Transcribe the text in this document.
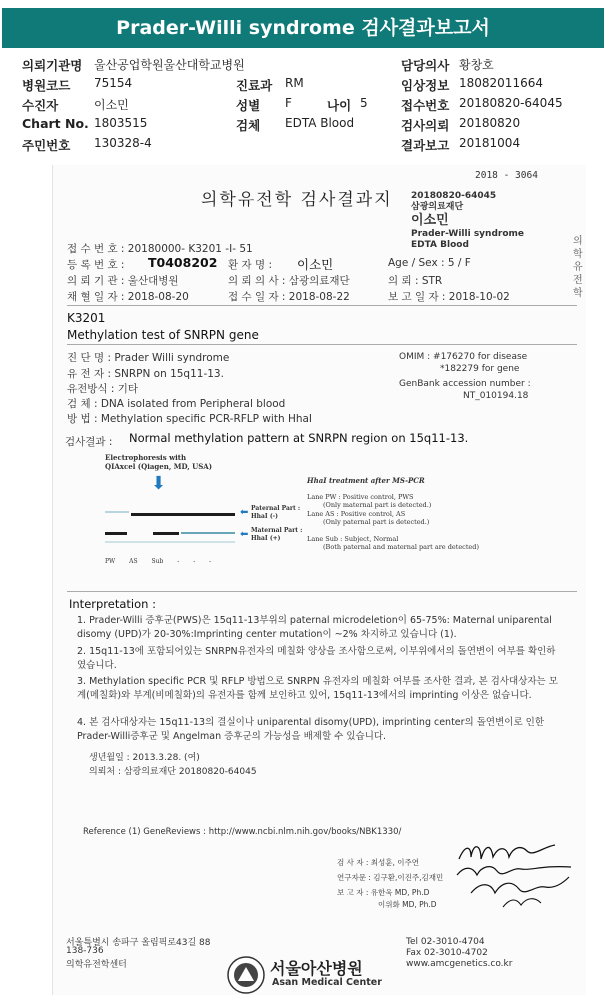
Prader-Willi syndrome 검사결과보고서
의뢰기관명 울산공업학원울산대학교병원
병원코드 75154
수진자	이소민
Chart No. 1803515
주민번호 130328-4
진료과 RM
성별 F	나이 5
검체 EDTA Blood
담당의사 황창호
임상정보 18082011664
접수번호 20180820-64045
검사의뢰 20180820
결과보고 20181004
2018 - 3064
의학유전학 검사결과지 20180820-64045
삼광의료재단
이소민
Prader-Willi syndrome
EDTA Blood	의학유전학
접 수 번 호 : 20180000- K3201 -I- 51
등 록 번 호 : T0408202 환 자 명 : 이소민	Age / Sex : 5 / F
의 뢰 기 관 : 울산대병원	의 뢰 의 사 : 삼광의료재단	의 뢰 : STR
채 혈 일 자 : 2018-08-20	접 수 일 자 : 2018-08-22	보 고 일 자 : 2018-10-02
K3201
Methylation test of SNRPN gene
진 단 명 : Prader Willi syndrome
유 전 자 : SNRPN on 15q11-13.
유전방식 : 기타
검 체 : DNA isolated from Peripheral blood
방 법 : Methylation specific PCR-RFLP with HhaI
OMIM : #176270 for disease
*182279 for gene
GenBank accession number :
NT_010194.18
검사결과 : Normal methylation pattern at SNRPN region on 15q11-13.
Electrophoresis with
QIAxcel (Qiagen, MD, USA)
⬇
PW AS Sub - - -
⬅ Paternal Part :
HhaI (-)
⬅ Maternal Part :
HhaI (+)
HhaI treatment after MS-PCR
Lane PW : Positive control, PWS
(Only maternal part is detected.)
Lane AS : Positive control, AS
(Only paternal part is detected.)
Lane Sub : Subject, Normal
(Both paternal and maternal part are detected)
Interpretation :

1. Prader-Willi 증후군(PWS)은 15q11-13부위의 paternal microdeletion이 65-75%: Maternal uniparental disomy (UPD)가 20-30%:Imprinting center mutation이 ~2% 차지하고 있습니다 (1).

2. 15q11-13에 포함되어있는 SNRPN유전자의 메칠화 양상을 조사함으로써, 이부위에서의 돌연변이 여부를 확인하였습니다.

3. Methylation specific PCR 및 RFLP 방법으로 SNRPN 유전자의 메칠화 여부를 조사한 결과, 본 검사대상자는 모계(메칠화)와 부계(비메칠화)의 유전자를 함께 보인하고 있어, 15q11-13에서의 imprinting 이상은 없습니다.

4. 본 검사대상자는 15q11-13의 결실이나 uniparental disomy(UPD), imprinting center의 돌연변이로 인한 Prader-Willi증후군 및 Angelman 증후군의 가능성을 배제할 수 있습니다.

생년월일 : 2013.3.28. (여)
의뢰처 : 삼광의료재단 20180820-64045
Reference (1) GeneReviews : http://www.ncbi.nlm.nih.gov/books/NBK1330/
검 사 자 : 최성훈, 이주연
연구자문 : 김구환,이진주,김재민
보 고 자 : 유한욱 MD, Ph.D
이위화 MD, Ph.D
서울특별시 송파구 올림픽로43길 88
138-736
의학유전학센터	서울아산병원
Asan Medical Center
Tel 02-3010-4704
Fax 02-3010-4702
www.amcgenetics.co.kr
